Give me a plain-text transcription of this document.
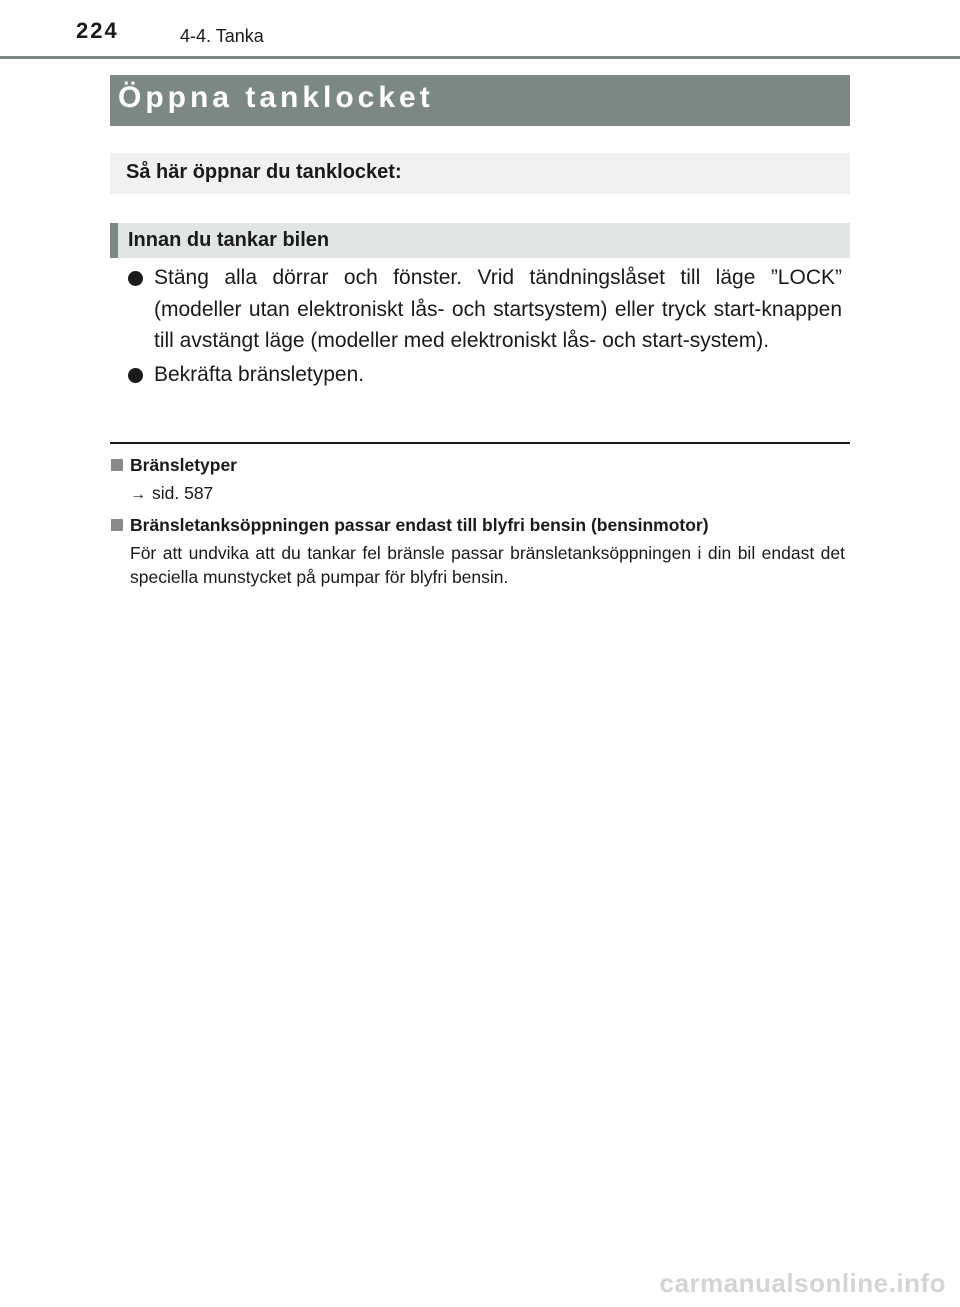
224	4-4. Tanka
Öppna tanklocket
Så här öppnar du tanklocket:
Innan du tankar bilen
Stäng alla dörrar och fönster. Vrid tändningslåset till läge ”LOCK” (modeller utan elektroniskt lås- och startsystem) eller tryck start-knappen till avstängt läge (modeller med elektroniskt lås- och start-system).
Bekräfta bränsletypen.
Bränsletyper
→ sid. 587
Bränsletanksöppningen passar endast till blyfri bensin (bensinmotor)
För att undvika att du tankar fel bränsle passar bränsletanksöppningen i din bil endast det speciella munstycket på pumpar för blyfri bensin.
carmanualsonline.info
